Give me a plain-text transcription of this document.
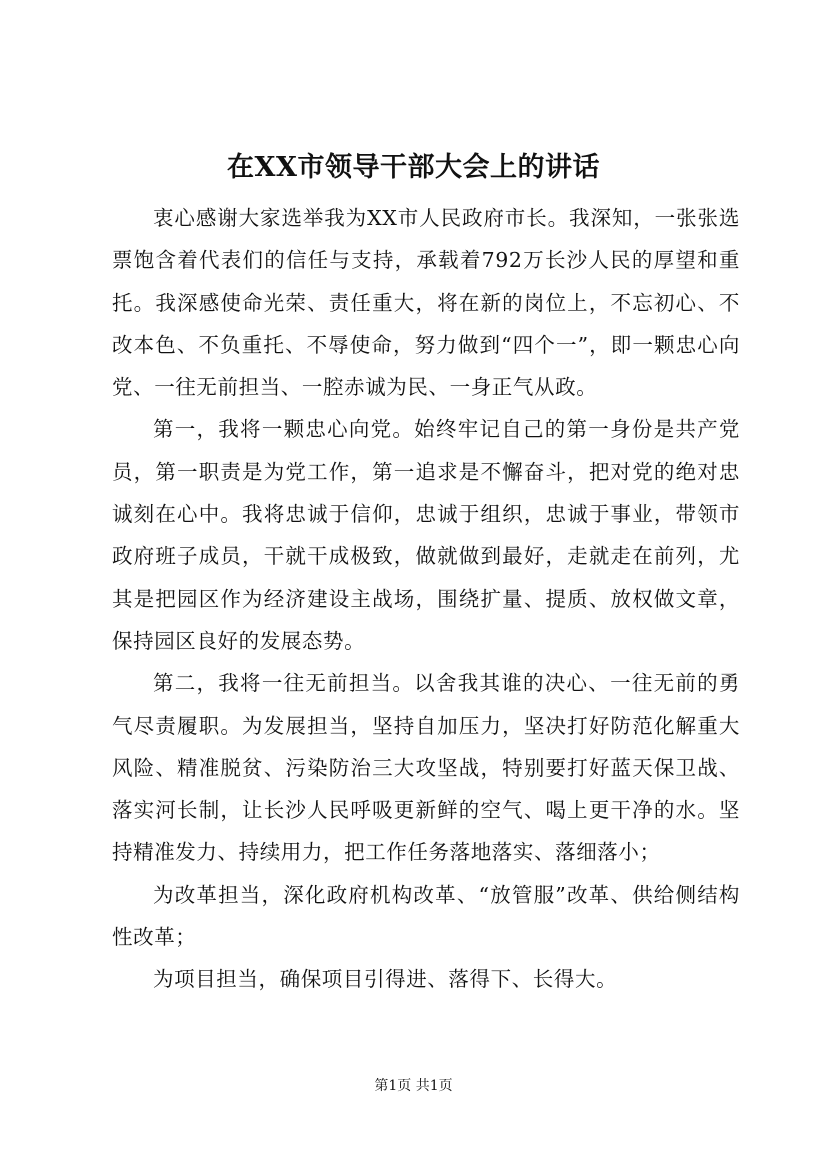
在XX市领导干部大会上的讲话

衷心感谢大家选举我为XX市人民政府市长。我深知，一张张选票饱含着代表们的信任与支持，承载着792万长沙人民的厚望和重托。我深感使命光荣、责任重大，将在新的岗位上，不忘初心、不改本色、不负重托、不辱使命，努力做到“四个一”，即一颗忠心向党、一往无前担当、一腔赤诚为民、一身正气从政。

第一，我将一颗忠心向党。始终牢记自己的第一身份是共产党员，第一职责是为党工作，第一追求是不懈奋斗，把对党的绝对忠诚刻在心中。我将忠诚于信仰，忠诚于组织，忠诚于事业，带领市政府班子成员，干就干成极致，做就做到最好，走就走在前列，尤其是把园区作为经济建设主战场，围绕扩量、提质、放权做文章，保持园区良好的发展态势。

第二，我将一往无前担当。以舍我其谁的决心、一往无前的勇气尽责履职。为发展担当，坚持自加压力，坚决打好防范化解重大风险、精准脱贫、污染防治三大攻坚战，特别要打好蓝天保卫战、落实河长制，让长沙人民呼吸更新鲜的空气、喝上更干净的水。坚持精准发力、持续用力，把工作任务落地落实、落细落小；

为改革担当，深化政府机构改革、“放管服”改革、供给侧结构性改革；

为项目担当，确保项目引得进、落得下、长得大。

第1页 共1页
